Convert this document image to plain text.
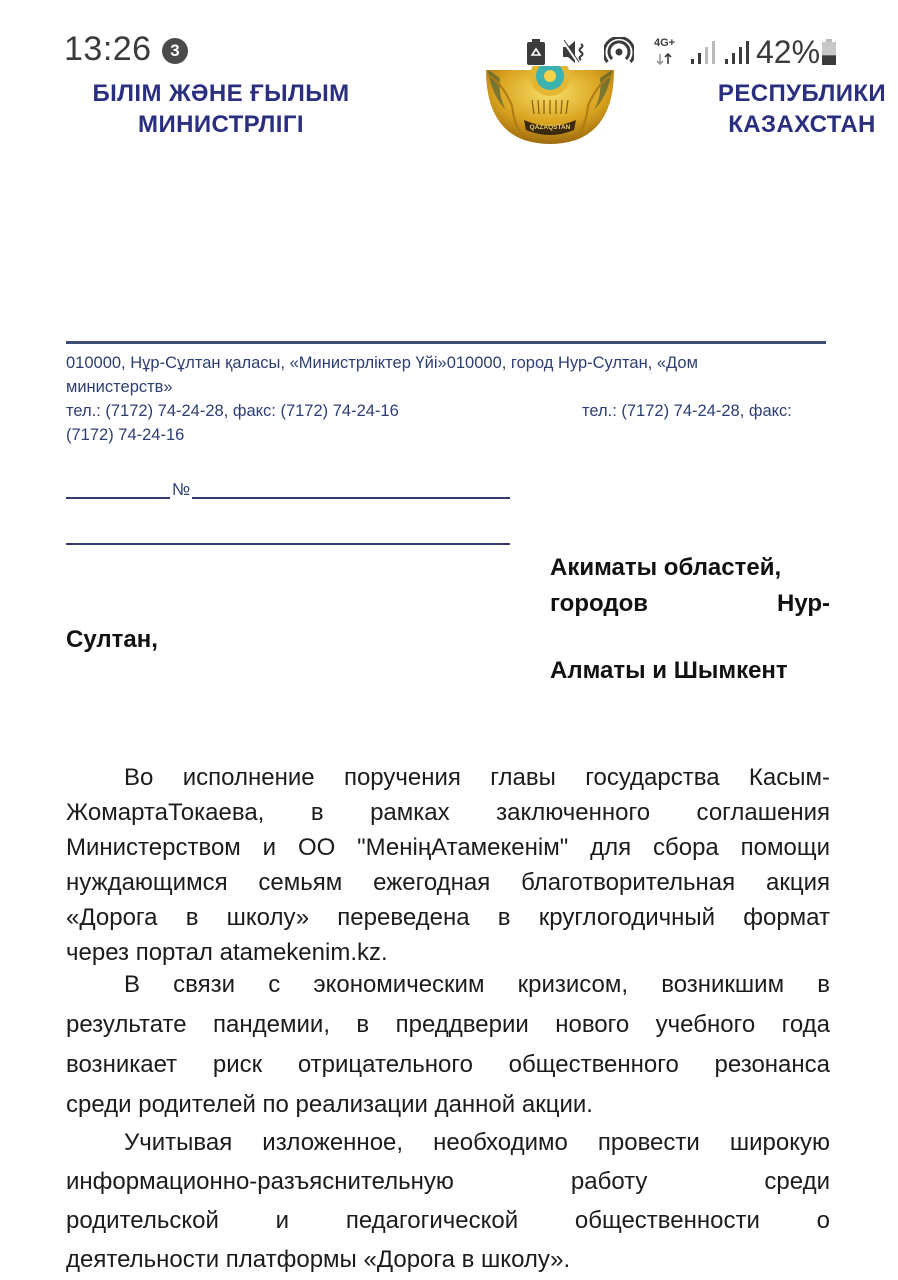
13:26	3	4G+	42%
БІЛІМ ЖӘНЕ ҒЫЛЫМ
МИНИСТРЛІГІ	QAZAQSTAN
РЕСПУБЛИКИ
КАЗАХСТАН
010000, Нұр-Сұлтан қаласы, «Министрліктер Үйі»010000, город Нур-Султан, «Дом
министерств»
тел.: (7172) 74-24-28, факс: (7172) 74-24-16	тел.: (7172) 74-24-28, факс:
(7172) 74-24-16
№
Акиматы областей,
городов	Нур-
Султан,
Алматы и Шымкент
Во исполнение поручения главы государства Касым-
ЖомартаТокаева, в рамках заключенного соглашения
Министерством и ОО "МеніңАтамекенім" для сбора помощи
нуждающимся семьям ежегодная благотворительная акция
«Дорога в школу» переведена в круглогодичный формат
через портал atamekenim.kz.
В связи с экономическим кризисом, возникшим в
результате пандемии, в преддверии нового учебного года
возникает риск отрицательного общественного резонанса
среди родителей по реализации данной акции.
Учитывая изложенное, необходимо провести широкую
информационно-разъяснительную работу среди
родительской и педагогической общественности о
деятельности платформы «Дорога в школу».
